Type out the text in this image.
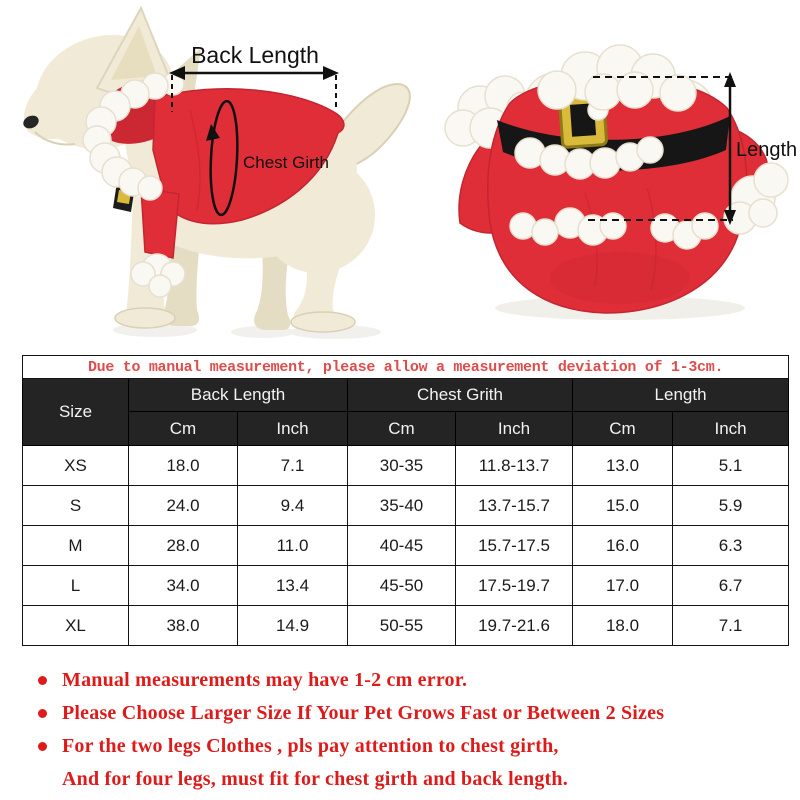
Back Length
Chest Girth
Length
Due to manual measurement, please allow a measurement deviation of 1-3cm.						
Size	Back Length		Chest Grith		Length	
	Cm	Inch	Cm	Inch	Cm	Inch
XS	18.0	7.1	30-35	11.8-13.7	13.0	5.1
S	24.0	9.4	35-40	13.7-15.7	15.0	5.9
M	28.0	11.0	40-45	15.7-17.5	16.0	6.3
L	34.0	13.4	45-50	17.5-19.7	17.0	6.7
XL	38.0	14.9	50-55	19.7-21.6	18.0	7.1
Manual measurements may have 1-2 cm error.
Please Choose Larger Size If Your Pet Grows Fast or Between 2 Sizes
For the two legs Clothes , pls pay attention to chest girth,
And for four legs, must fit for chest girth and back length.
